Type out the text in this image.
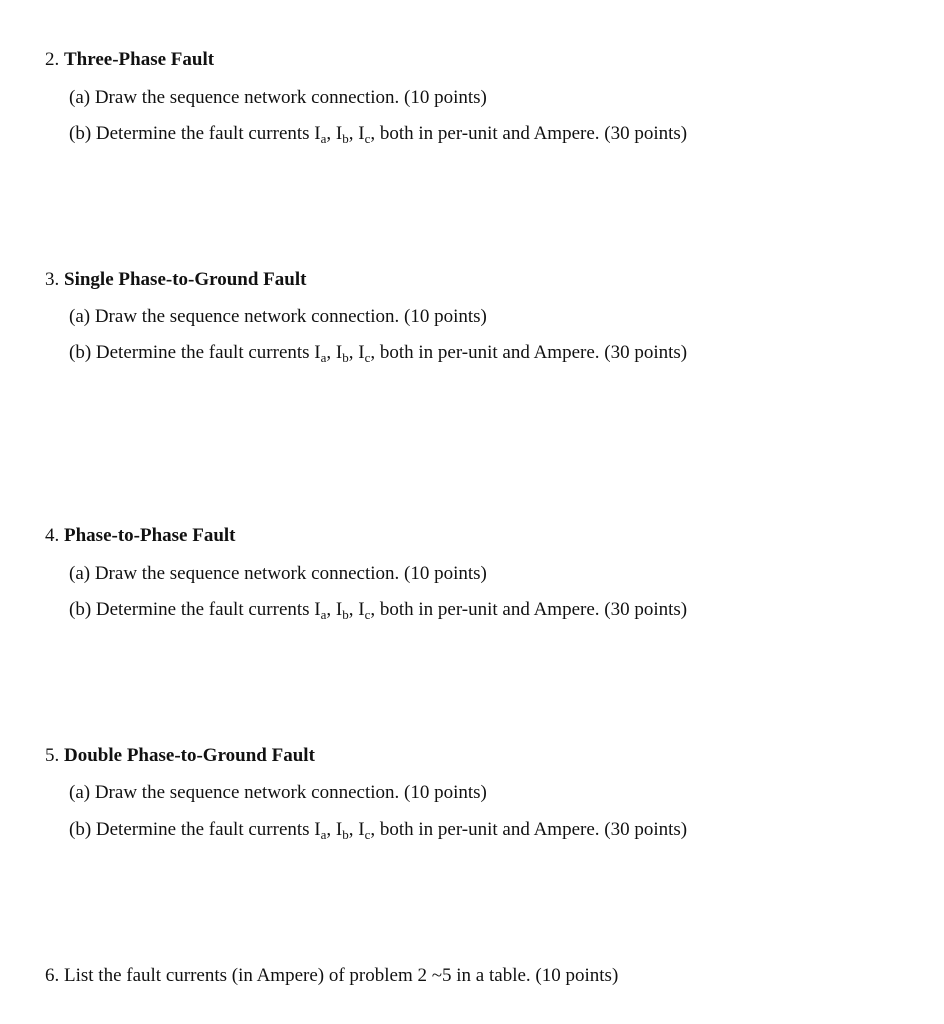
2. Three-Phase Fault
(a) Draw the sequence network connection. (10 points)
(b) Determine the fault currents $I_a$, $I_b$, $I_c$, both in per-unit and Ampere. (30 points)
3. Single Phase-to-Ground Fault
(a) Draw the sequence network connection. (10 points)
(b) Determine the fault currents $I_a$, $I_b$, $I_c$, both in per-unit and Ampere. (30 points)
4. Phase-to-Phase Fault
(a) Draw the sequence network connection. (10 points)
(b) Determine the fault currents $I_a$, $I_b$, $I_c$, both in per-unit and Ampere. (30 points)
5. Double Phase-to-Ground Fault
(a) Draw the sequence network connection. (10 points)
(b) Determine the fault currents $I_a$, $I_b$, $I_c$, both in per-unit and Ampere. (30 points)
6. List the fault currents (in Ampere) of problem 2 ~5 in a table. (10 points)
